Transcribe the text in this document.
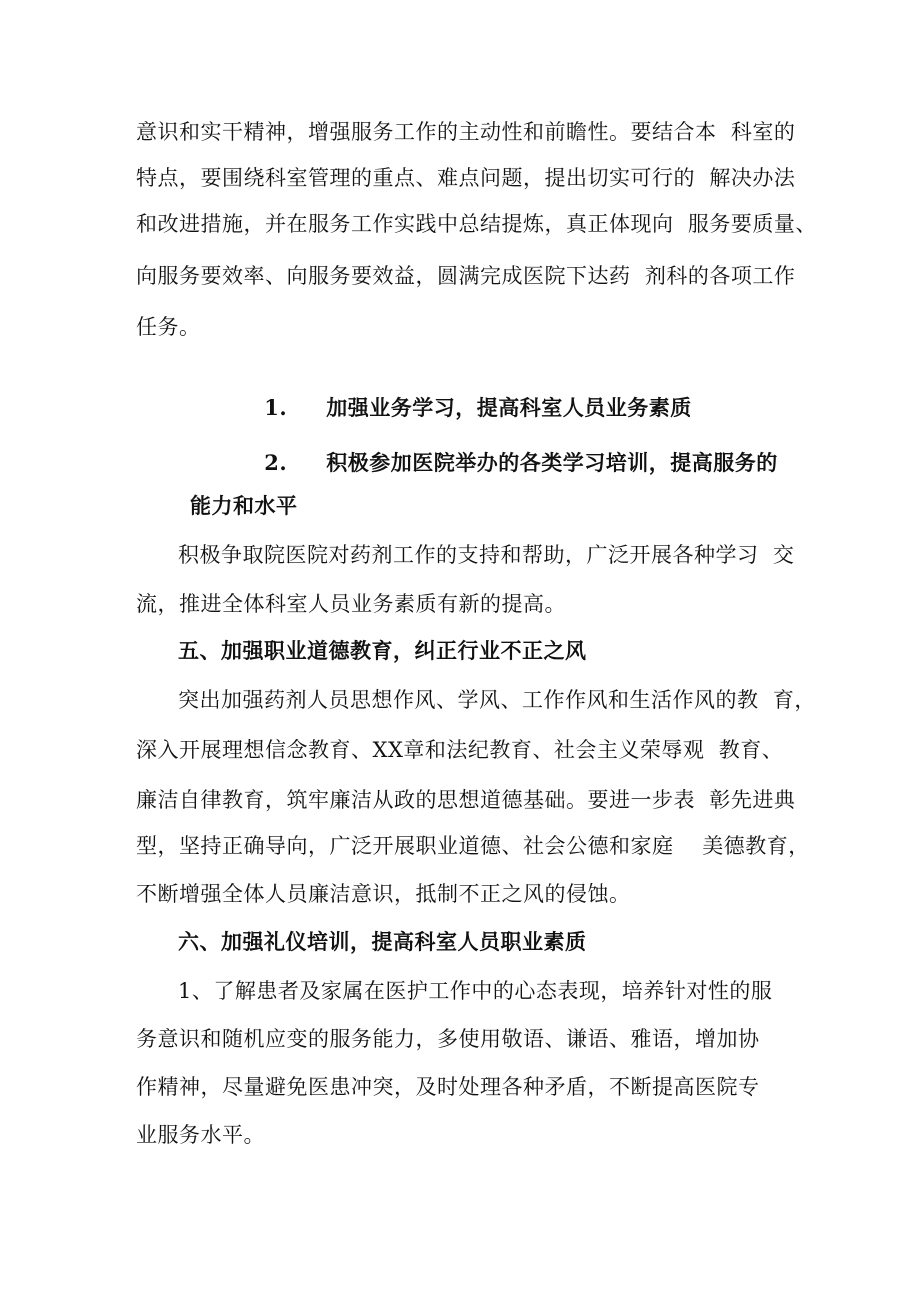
意识和实干精神，增强服务工作的主动性和前瞻性。要结合本  科室的
特点，要围绕科室管理的重点、难点问题，提出切实可行的  解决办法
和改进措施，并在服务工作实践中总结提炼，真正体现向  服务要质量、
向服务要效率、向服务要效益，圆满完成医院下达药  剂科的各项工作
任务。

1. 加强业务学习，提高科室人员业务素质

2. 积极参加医院举办的各类学习培训，提高服务的

能力和水平
积极争取院医院对药剂工作的支持和帮助，广泛开展各种学习  交
流，推进全体科室人员业务素质有新的提高。
五、加强职业道德教育，纠正行业不正之风
突出加强药剂人员思想作风、学风、工作作风和生活作风的教  育，
深入开展理想信念教育、XX章和法纪教育、社会主义荣辱观  教育、
廉洁自律教育，筑牢廉洁从政的思想道德基础。要进一步表  彰先进典
型，坚持正确导向，广泛开展职业道德、社会公德和家庭    美德教育，
不断增强全体人员廉洁意识，抵制不正之风的侵蚀。
六、加强礼仪培训，提高科室人员职业素质
1、了解患者及家属在医护工作中的心态表现，培养针对性的服
务意识和随机应变的服务能力，多使用敬语、谦语、雅语，增加协
作精神，尽量避免医患冲突，及时处理各种矛盾，不断提高医院专
业服务水平。
